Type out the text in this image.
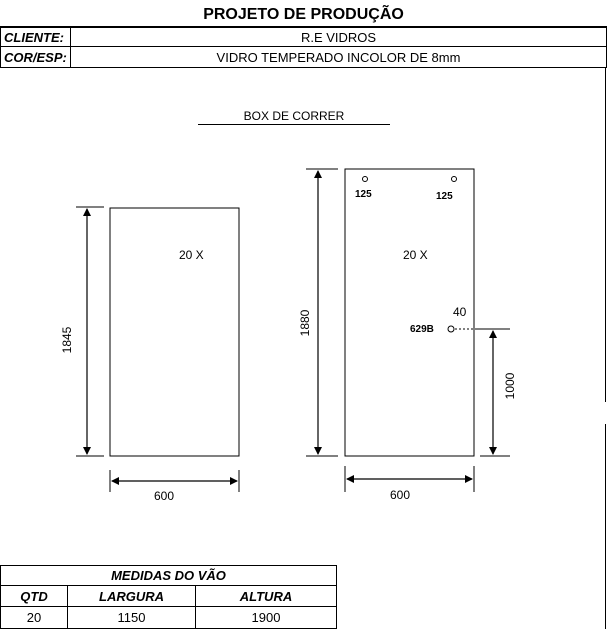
PROJETO DE PRODUÇÃO
CLIENTE:	R.E VIDROS
COR/ESP:	VIDRO TEMPERADO INCOLOR DE 8mm
BOX DE CORRER
20 X
1845
600
20 X
1880
600
125	125
40
629B
1000
MEDIDAS DO VÃO
QTD	LARGURA	ALTURA
20	1150	1900
